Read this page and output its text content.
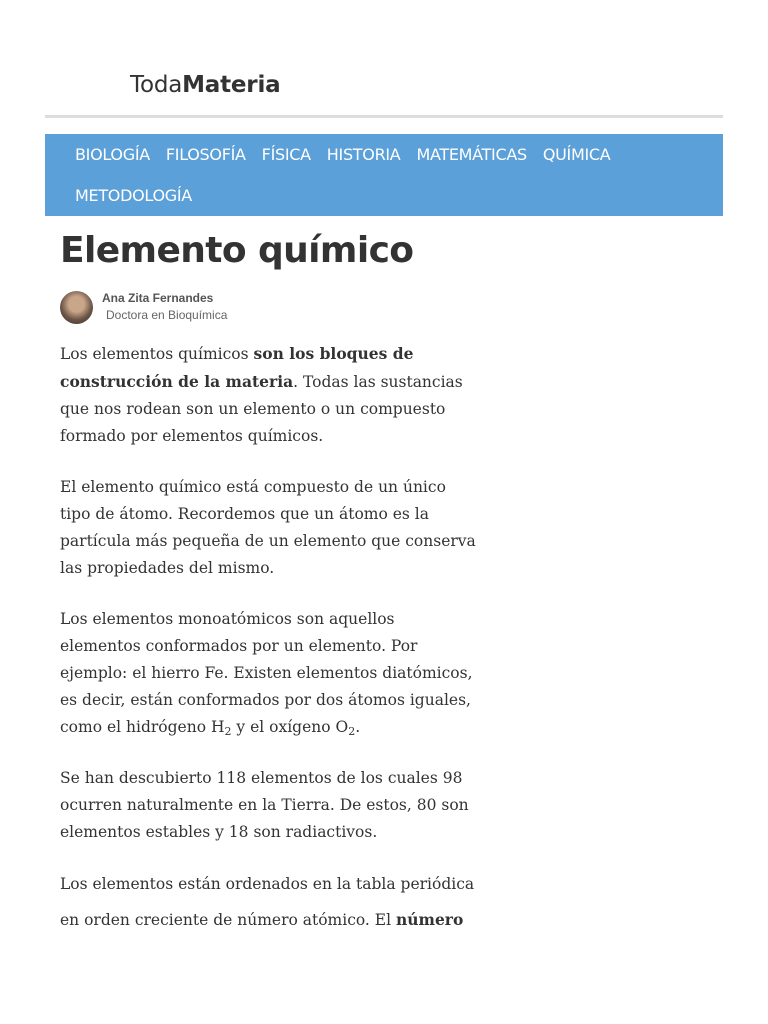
TodaMateria
BIOLOGÍA FILOSOFÍA FÍSICA HISTORIA MATEMÁTICAS QUÍMICA
METODOLOGÍA
Elemento químico
Ana Zita Fernandes
Doctora en Bioquímica

Los elementos químicos son los bloques de construcción de la materia. Todas las sustancias que nos rodean son un elemento o un compuesto formado por elementos químicos.

El elemento químico está compuesto de un único tipo de átomo. Recordemos que un átomo es la partícula más pequeña de un elemento que conserva las propiedades del mismo.

Los elementos monoatómicos son aquellos elementos conformados por un elemento. Por ejemplo: el hierro Fe. Existen elementos diatómicos, es decir, están conformados por dos átomos iguales, como el hidrógeno $H_2$ y el oxígeno $O_2$.

Se han descubierto 118 elementos de los cuales 98 ocurren naturalmente en la Tierra. De estos, 80 son elementos estables y 18 son radiactivos.

Los elementos están ordenados en la tabla periódica en orden creciente de número atómico. El número
